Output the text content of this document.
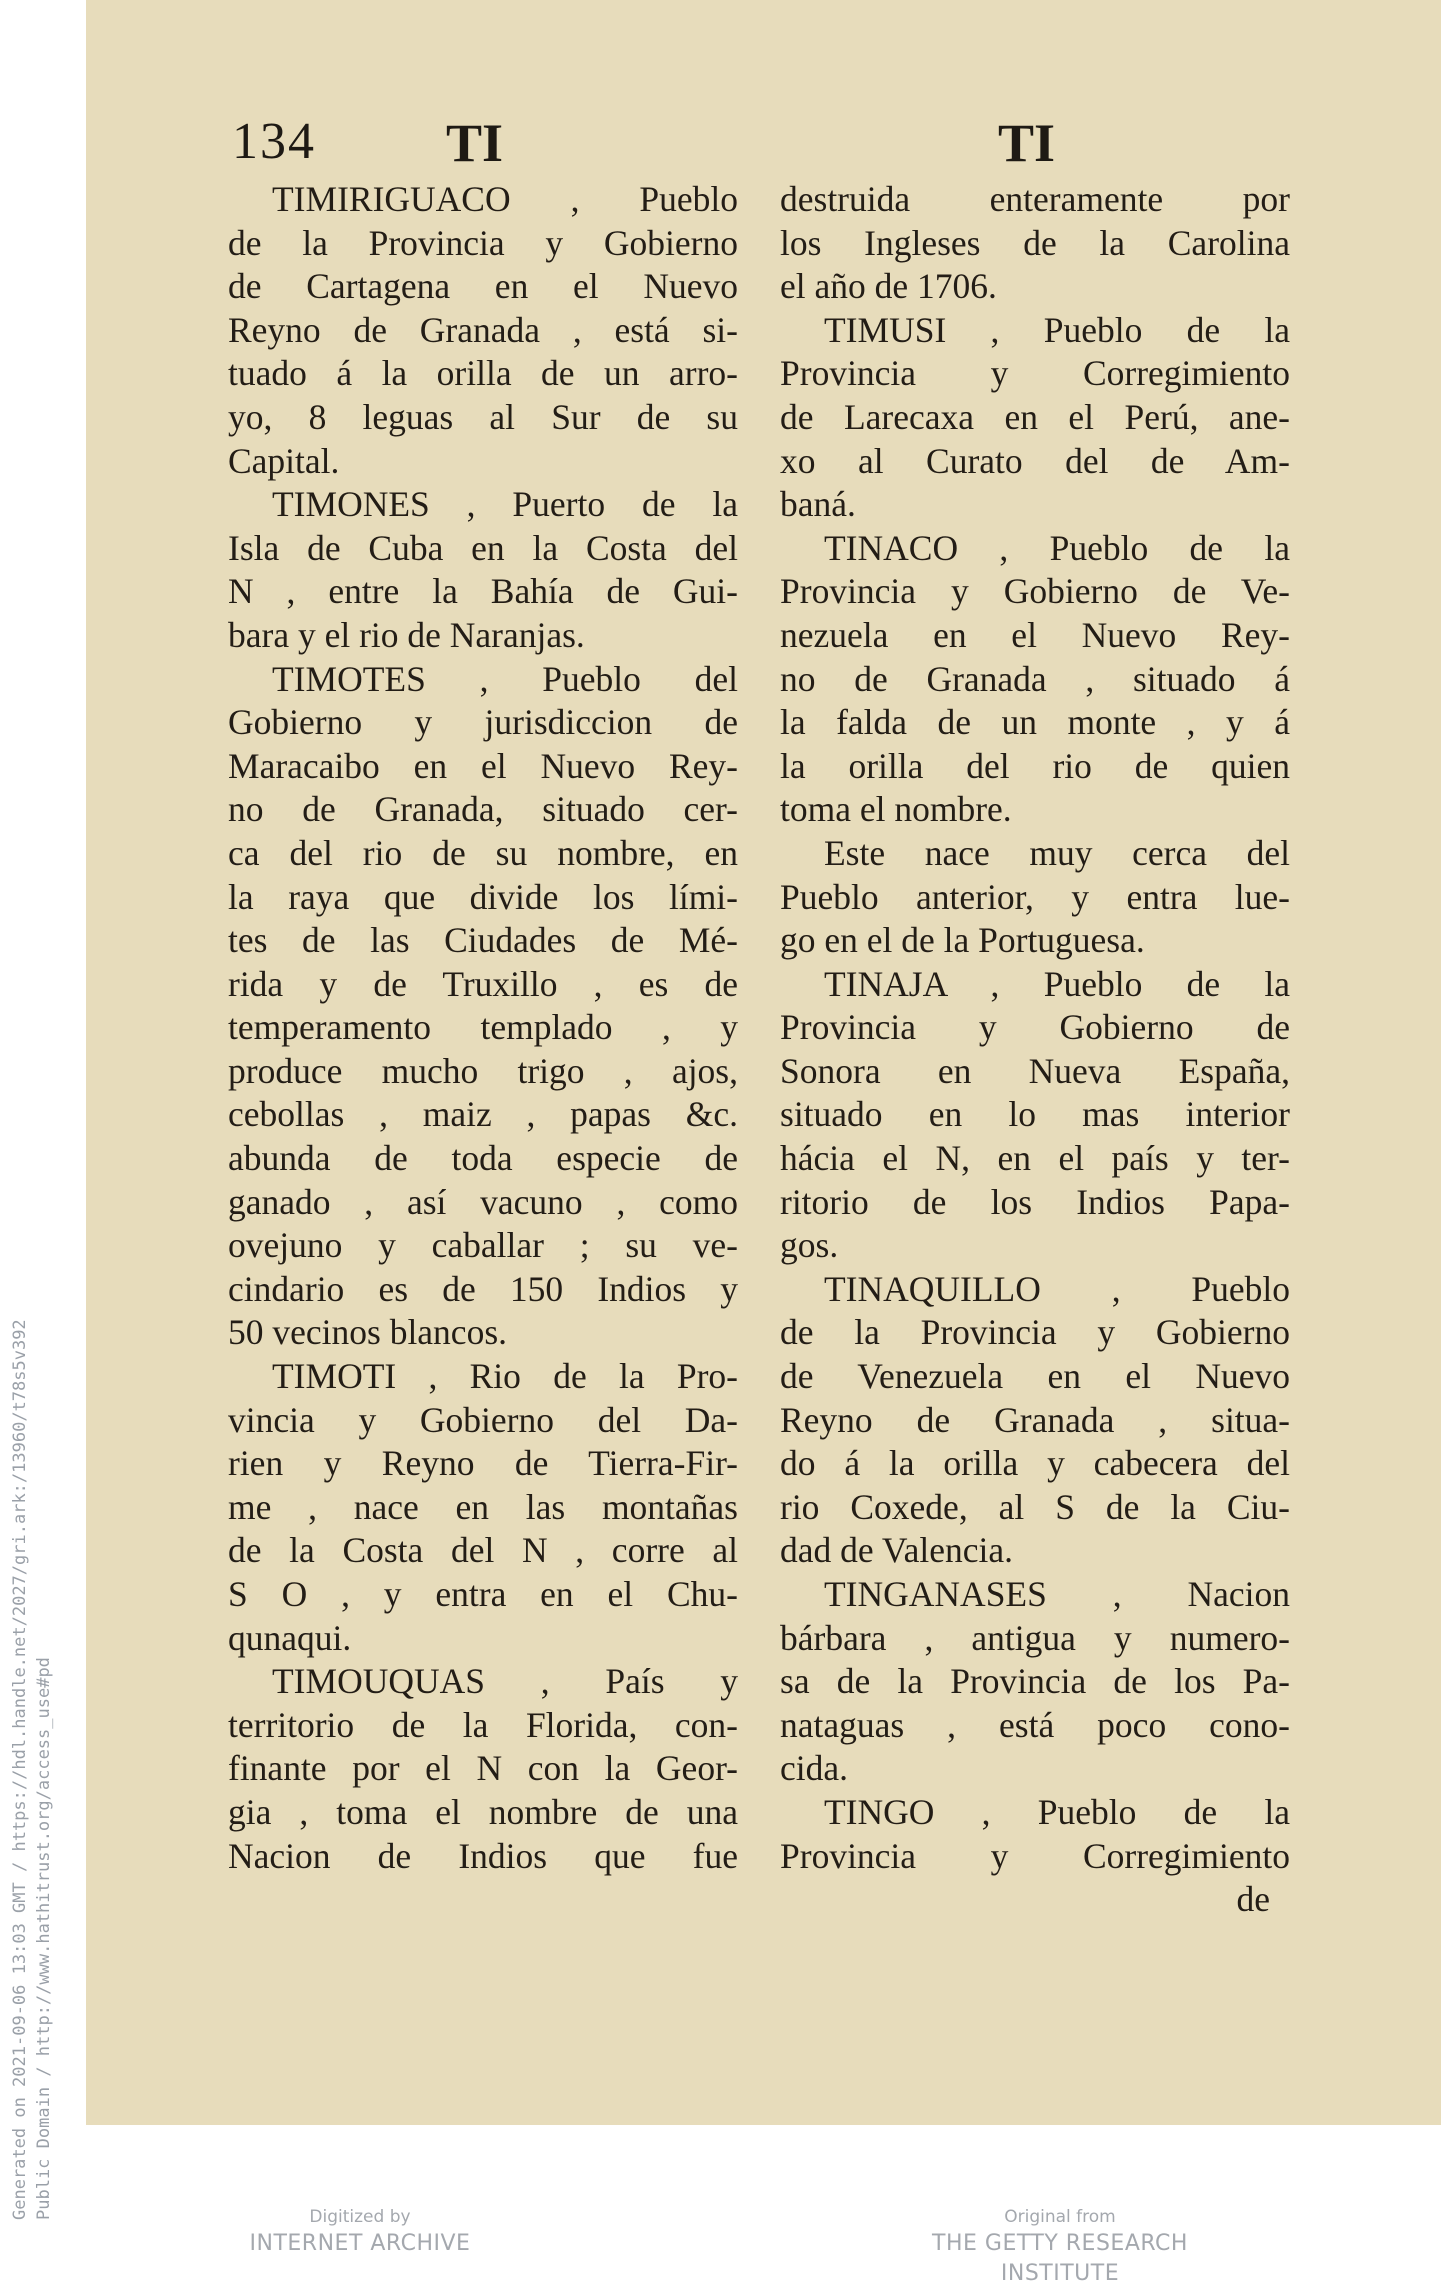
Generated on 2021-09-06 13:03 GMT / https://hdl.handle.net/2027/gri.ark:/13960/t78s5v392 Public Domain / http://www.hathitrust.org/access_use#pd
134 TI	TI
TIMIRIGUACO , Pueblo
de la Provincia y Gobierno
de Cartagena en el Nuevo
Reyno de Granada , está si-
tuado á la orilla de un arro-
yo, 8 leguas al Sur de su
Capital.
TIMONES , Puerto de la
Isla de Cuba en la Costa del
N , entre la Bahía de Gui-
bara y el rio de Naranjas.
TIMOTES , Pueblo del
Gobierno y jurisdiccion de
Maracaibo en el Nuevo Rey-
no de Granada, situado cer-
ca del rio de su nombre, en
la raya que divide los lími-
tes de las Ciudades de Mé-
rida y de Truxillo , es de
temperamento templado , y
produce mucho trigo , ajos,
cebollas , maiz , papas &c.
abunda de toda especie de
ganado , así vacuno , como
ovejuno y caballar ; su ve-
cindario es de 150 Indios y
50 vecinos blancos.
TIMOTI , Rio de la Pro-
vincia y Gobierno del Da-
rien y Reyno de Tierra-Fir-
me , nace en las montañas
de la Costa del N , corre al
S O , y entra en el Chu-
qunaqui.
TIMOUQUAS , País y
territorio de la Florida, con-
finante por el N con la Geor-
gia , toma el nombre de una
Nacion de Indios que fue
destruida enteramente por
los Ingleses de la Carolina
el año de 1706.
TIMUSI , Pueblo de la
Provincia y Corregimiento
de Larecaxa en el Perú, ane-
xo al Curato del de Am-
baná.
TINACO , Pueblo de la
Provincia y Gobierno de Ve-
nezuela en el Nuevo Rey-
no de Granada , situado á
la falda de un monte , y á
la orilla del rio de quien
toma el nombre.
Este nace muy cerca del
Pueblo anterior, y entra lue-
go en el de la Portuguesa.
TINAJA , Pueblo de la
Provincia y Gobierno de
Sonora en Nueva España,
situado en lo mas interior
hácia el N, en el país y ter-
ritorio de los Indios Papa-
gos.
TINAQUILLO , Pueblo
de la Provincia y Gobierno
de Venezuela en el Nuevo
Reyno de Granada , situa-
do á la orilla y cabecera del
rio Coxede, al S de la Ciu-
dad de Valencia.
TINGANASES , Nacion
bárbara , antigua y numero-
sa de la Provincia de los Pa-
nataguas , está poco cono-
cida.
TINGO , Pueblo de la
Provincia y Corregimiento
de
Digitized by
INTERNET ARCHIVE
Original from
THE GETTY RESEARCH INSTITUTE
